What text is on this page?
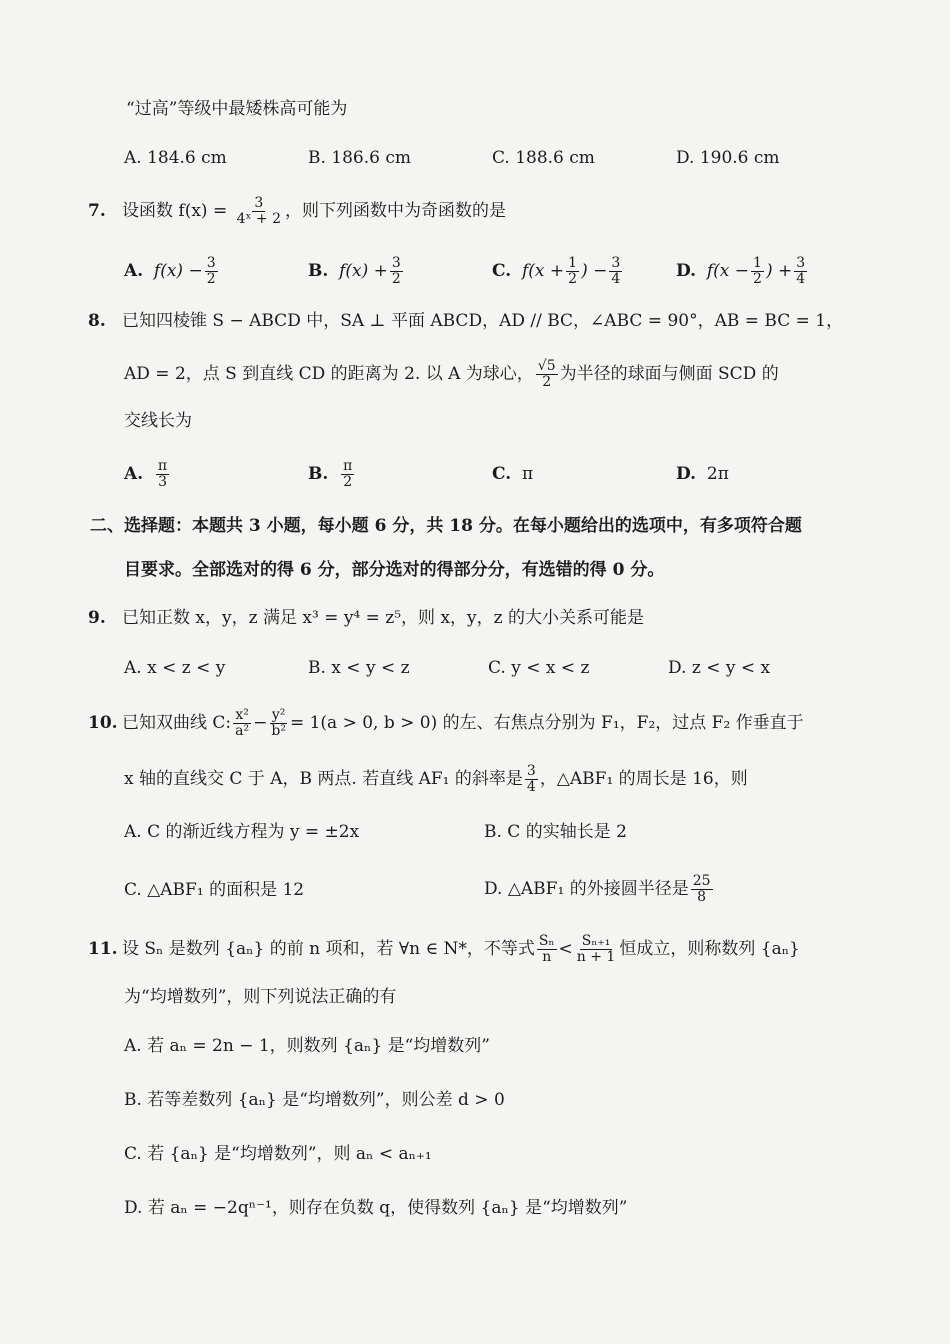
“过高”等级中最矮株高可能为
A. 184.6 cm	B. 186.6 cm	C. 188.6 cm	D. 190.6 cm
7. 设函数 $f(x) = \frac{3}{\text{4ˣ + 2}}$ ，则下列函数中为奇函数的是
A. $f(x) - \frac{3}{2}$	B. $f(x) + \frac{3}{2}$	C. $f(x + \frac{1}{2}$ ) − $\frac{3}{4}$	D. $f(x - \frac{1}{2}$ ) + $\frac{3}{4}$
8. 已知四棱锥 S − ABCD 中，SA ⊥ 平面 ABCD，AD // BC，∠ABC = 90°，AB = BC = 1，
AD = 2，点 S 到直线 CD 的距离为 2. 以 A 为球心， $\frac{√5}{2}$ 为半径的球面与侧面 SCD 的
交线长为
A. $\frac{\pi}{3}$	B. $\frac{\pi}{2}$	C. π	D. 2π
二、选择题：本题共 3 小题，每小题 6 分，共 18 分。在每小题给出的选项中，有多项符合题
目要求。全部选对的得 6 分，部分选对的得部分分，有选错的得 0 分。
9. 已知正数 x，y，z 满足 x³ = y⁴ = z⁵，则 x，y，z 的大小关系可能是
A. x < z < y	B. x < y < z	C. y < x < z	D. z < y < x
10. 已知双曲线 C: $\frac{\text{x²}}{\text{a²}} - \frac{\text{y²}}{\text{b²}} = 1(a > 0$, b > 0) 的左、右焦点分别为 F₁，F₂，过点 F₂ 作垂直于
x 轴的直线交 C 于 A，B 两点. 若直线 AF₁ 的斜率是 $\frac{3}{4}$ ，△ABF₁ 的周长是 16，则
A. C 的渐近线方程为 y = ±2x	B. C 的实轴长是 2
C. △ABF₁ 的面积是 12	D. △ABF₁ 的外接圆半径是 $\frac{25}{8}$
11. 设 Sₙ 是数列 {aₙ} 的前 n 项和，若 ∀n ∈ N*，不等式 $\frac{\text{Sₙ}}{n} < \frac{\text{Sₙ₊₁}}{n + 1}$ 恒成立，则称数列 {aₙ}
为“均增数列”，则下列说法正确的有
A. 若 aₙ = 2n − 1，则数列 {aₙ} 是“均增数列”
B. 若等差数列 {aₙ} 是“均增数列”，则公差 d > 0
C. 若 {aₙ} 是“均增数列”，则 aₙ < aₙ₊₁
D. 若 aₙ = −2qⁿ⁻¹，则存在负数 q，使得数列 {aₙ} 是“均增数列”
